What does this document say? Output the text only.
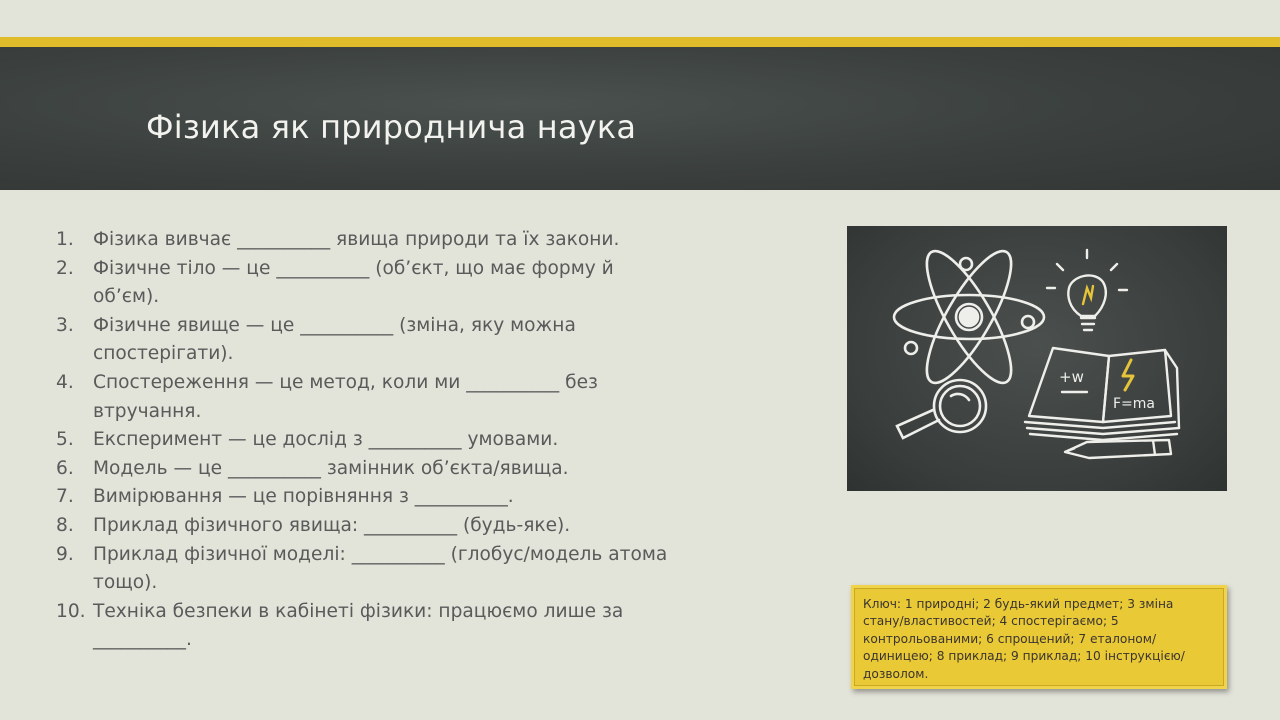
Фізика як природнича наука
1. Фізика вивчає __________ явища природи та їх закони.
2. Фізичне тіло — це __________ (об’єкт, що має форму й об’єм).
3. Фізичне явище — це __________ (зміна, яку можна спостерігати).
4. Спостереження — це метод, коли ми __________ без втручання.
5. Експеримент — це дослід з __________ умовами.
6. Модель — це __________ замінник об’єкта/явища.
7. Вимірювання — це порівняння з __________.
8. Приклад фізичного явища: __________ (будь-яке).
9. Приклад фізичної моделі: __________ (глобус/модель атома тощо).
10. Техніка безпеки в кабінеті фізики: працюємо лише за __________.
+w
F=ma
Ключ: 1 природні; 2 будь-який предмет; 3 зміна стану/властивостей; 4 спостерігаємо; 5 контрольованими; 6 спрощений; 7 еталоном/одиницею; 8 приклад; 9 приклад; 10 інструкцією/дозволом.
